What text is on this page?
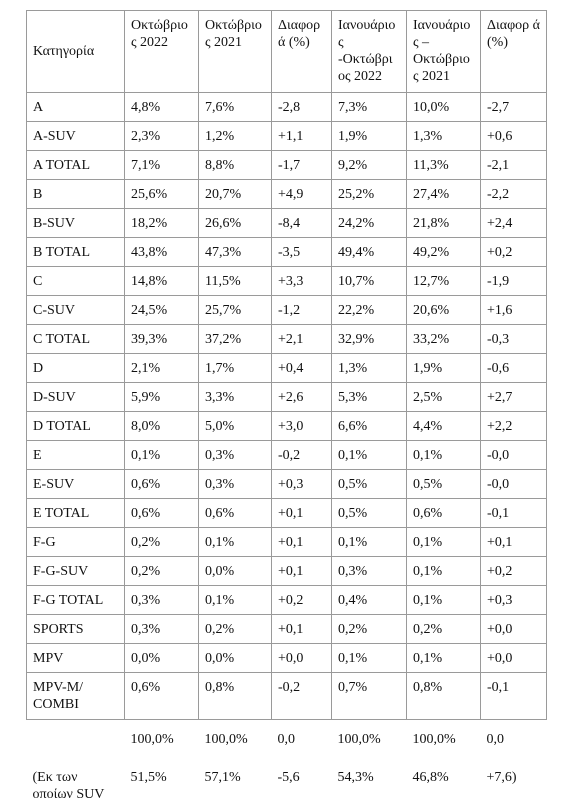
Κατηγορία	Οκτώβριο ς 2022	Οκτώβριο ς 2021	Διαφορ ά (%)	Ιανουάριο ς -Οκτώβρι ος 2022	Ιανουάριο ς – Οκτώβριο ς 2021	Διαφορ ά (%)
A	4,8%	7,6%	-2,8	7,3%	10,0%	-2,7
A-SUV	2,3%	1,2%	+1,1	1,9%	1,3%	+0,6
A TOTAL	7,1%	8,8%	-1,7	9,2%	11,3%	-2,1
B	25,6%	20,7%	+4,9	25,2%	27,4%	-2,2
B-SUV	18,2%	26,6%	-8,4	24,2%	21,8%	+2,4
B TOTAL	43,8%	47,3%	-3,5	49,4%	49,2%	+0,2
C	14,8%	11,5%	+3,3	10,7%	12,7%	-1,9
C-SUV	24,5%	25,7%	-1,2	22,2%	20,6%	+1,6
C TOTAL	39,3%	37,2%	+2,1	32,9%	33,2%	-0,3
D	2,1%	1,7%	+0,4	1,3%	1,9%	-0,6
D-SUV	5,9%	3,3%	+2,6	5,3%	2,5%	+2,7
D TOTAL	8,0%	5,0%	+3,0	6,6%	4,4%	+2,2
E	0,1%	0,3%	-0,2	0,1%	0,1%	-0,0
E-SUV	0,6%	0,3%	+0,3	0,5%	0,5%	-0,0
E TOTAL	0,6%	0,6%	+0,1	0,5%	0,6%	-0,1
F-G	0,2%	0,1%	+0,1	0,1%	0,1%	+0,1
F-G-SUV	0,2%	0,0%	+0,1	0,3%	0,1%	+0,2
F-G TOTAL	0,3%	0,1%	+0,2	0,4%	0,1%	+0,3
SPORTS	0,3%	0,2%	+0,1	0,2%	0,2%	+0,0
MPV	0,0%	0,0%	+0,0	0,1%	0,1%	+0,0
MPV-M/ COMBI	0,6%	0,8%	-0,2	0,7%	0,8%	-0,1
	100,0%	100,0%	0,0	100,0%	100,0%	0,0
(Εκ των οποίων SUV	51,5%	57,1%	-5,6	54,3%	46,8%	+7,6)
